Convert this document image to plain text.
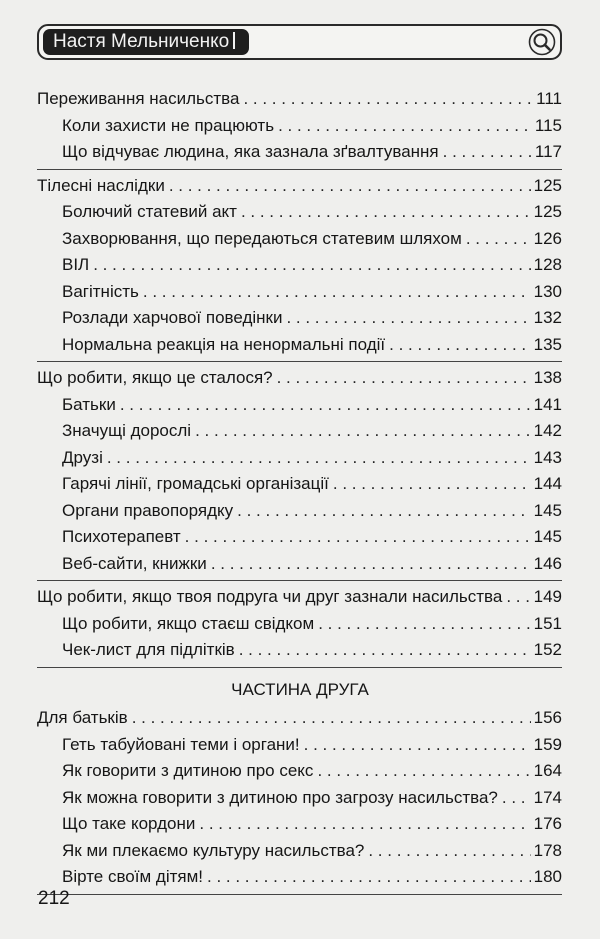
Настя Мельниченко
Переживання насильства . . .	111
Коли захисти не працюють . . .	115
Що відчуває людина, яка зазнала зґвалтування . . .	117
Тілесні наслідки . . .	125
Болючий статевий акт . . .	125
Захворювання, що передаються статевим шляхом . . .	126
ВІЛ . . .	128
Вагітність . . .	130
Розлади харчової поведінки . . .	132
Нормальна реакція на ненормальні події . . .	135
Що робити, якщо це сталося? . . .	138
Батьки . . .	141
Значущі дорослі . . .	142
Друзі . . .	143
Гарячі лінії, громадські організації . . .	144
Органи правопорядку . . .	145
Психотерапевт . . .	145
Веб-сайти, книжки . . .	146
Що робити, якщо твоя подруга чи друг зазнали насильства . . . 149
Що робити, якщо стаєш свідком . . .	151
Чек-лист для підлітків . . .	152
ЧАСТИНА ДРУГА
Для батьків . . .	156
Геть табуйовані теми і органи! . . .	159
Як говорити з дитиною про секс . . .	164
Як можна говорити з дитиною про загрозу насильства? . . . 174
Що таке кордони . . .	176
Як ми плекаємо культуру насильства? . . .	178
Вірте своїм дітям! . . .	180
212
